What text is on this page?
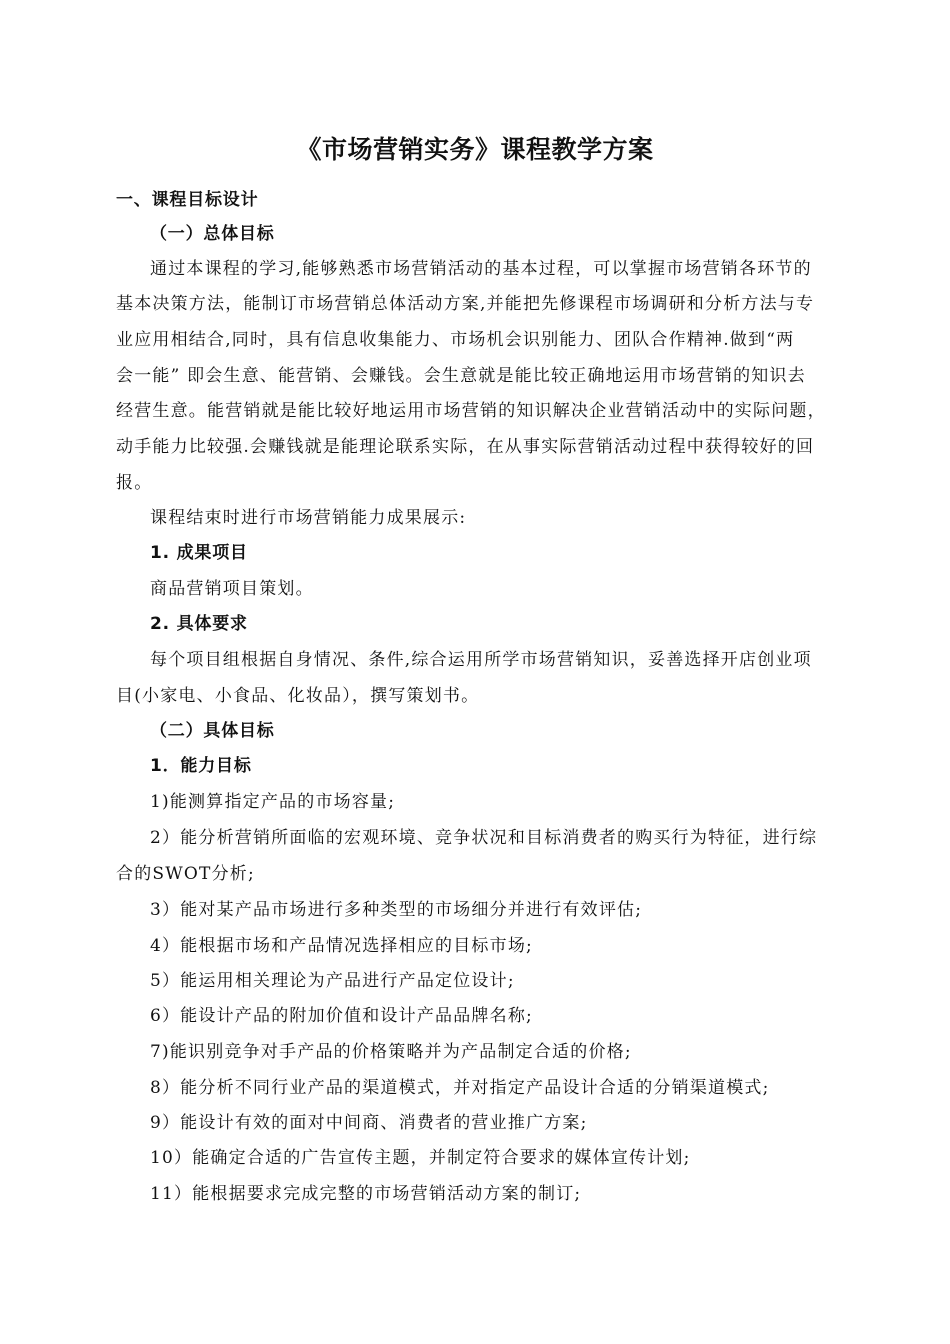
《市场营销实务》课程教学方案
一、课程目标设计
（一）总体目标
通过本课程的学习,能够熟悉市场营销活动的基本过程，可以掌握市场营销各环节的
基本决策方法，能制订市场营销总体活动方案,并能把先修课程市场调研和分析方法与专
业应用相结合,同时，具有信息收集能力、市场机会识别能力、团队合作精神.做到“两
会一能” 即会生意、能营销、会赚钱。会生意就是能比较正确地运用市场营销的知识去
经营生意。能营销就是能比较好地运用市场营销的知识解决企业营销活动中的实际问题，
动手能力比较强.会赚钱就是能理论联系实际，在从事实际营销活动过程中获得较好的回
报。
课程结束时进行市场营销能力成果展示:
1. 成果项目
商品营销项目策划。
2. 具体要求
每个项目组根据自身情况、条件,综合运用所学市场营销知识，妥善选择开店创业项
目(小家电、小食品、化妆品），撰写策划书。
（二）具体目标
1．能力目标
1)能测算指定产品的市场容量;
2）能分析营销所面临的宏观环境、竞争状况和目标消费者的购买行为特征，进行综
合的SWOT分析;
3）能对某产品市场进行多种类型的市场细分并进行有效评估;
4）能根据市场和产品情况选择相应的目标市场;
5）能运用相关理论为产品进行产品定位设计;
6）能设计产品的附加价值和设计产品品牌名称;
7)能识别竞争对手产品的价格策略并为产品制定合适的价格;
8）能分析不同行业产品的渠道模式，并对指定产品设计合适的分销渠道模式;
9）能设计有效的面对中间商、消费者的营业推广方案;
10）能确定合适的广告宣传主题，并制定符合要求的媒体宣传计划;
11）能根据要求完成完整的市场营销活动方案的制订;
